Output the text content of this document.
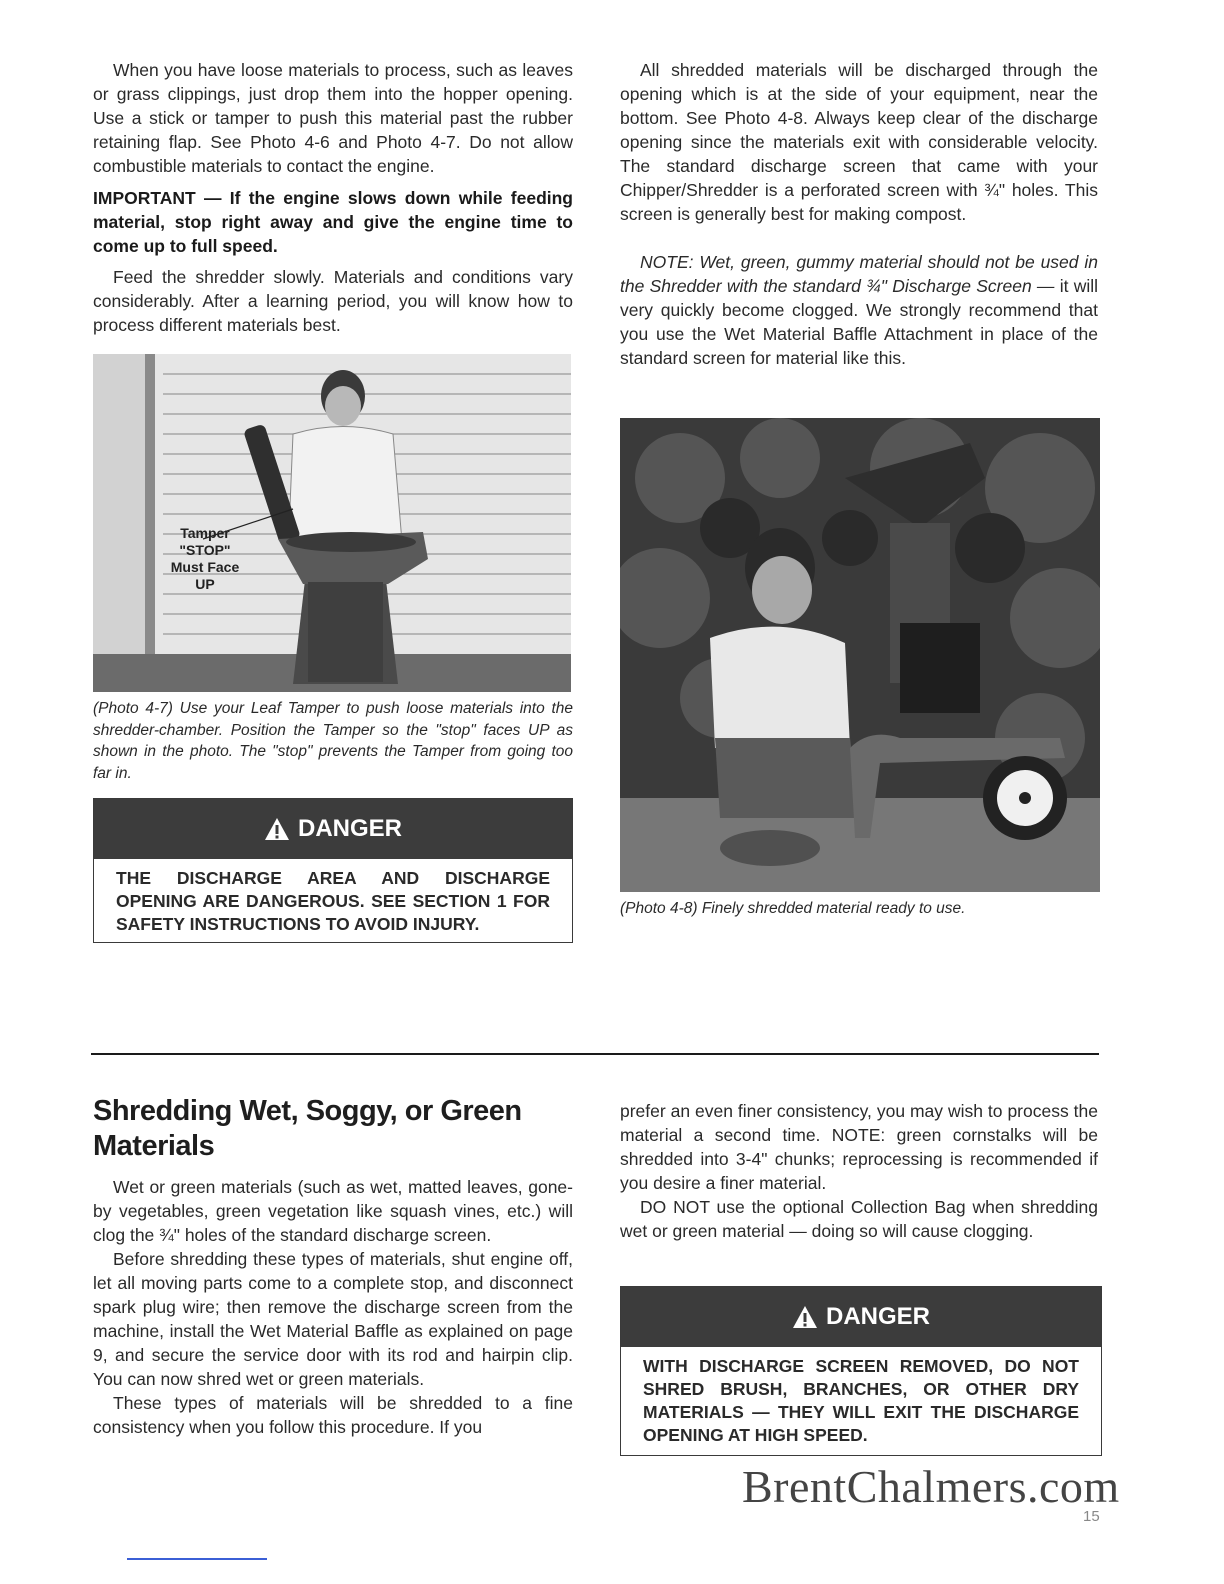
When you have loose materials to process, such as leaves or grass clippings, just drop them into the hopper opening. Use a stick or tamper to push this material past the rubber retaining flap. See Photo 4-6 and Photo 4-7. Do not allow combustible materials to contact the engine.

IMPORTANT — If the engine slows down while feeding material, stop right away and give the engine time to come up to full speed.

Feed the shredder slowly. Materials and conditions vary considerably. After a learning period, you will know how to process different materials best.

Tamper
"STOP"
Must Face
UP

(Photo 4-7) Use your Leaf Tamper to push loose materials into the shredder-chamber. Position the Tamper so the "stop" faces UP as shown in the photo. The "stop" prevents the Tamper from going too far in.

DANGER
THE DISCHARGE AREA AND DISCHARGE OPENING ARE DANGEROUS. SEE SECTION 1 FOR SAFETY INSTRUCTIONS TO AVOID INJURY.

All shredded materials will be discharged through the opening which is at the side of your equipment, near the bottom. See Photo 4-8. Always keep clear of the discharge opening since the materials exit with considerable velocity. The standard discharge screen that came with your Chipper/Shredder is a perforated screen with ¾" holes. This screen is generally best for making compost.

NOTE: Wet, green, gummy material should not be used in the Shredder with the standard ¾" Discharge Screen — it will very quickly become clogged. We strongly recommend that you use the Wet Material Baffle Attachment in place of the standard screen for material like this.

(Photo 4-8) Finely shredded material ready to use.

Shredding Wet, Soggy, or Green Materials

Wet or green materials (such as wet, matted leaves, gone-by vegetables, green vegetation like squash vines, etc.) will clog the ¾" holes of the standard discharge screen.

Before shredding these types of materials, shut engine off, let all moving parts come to a complete stop, and disconnect spark plug wire; then remove the discharge screen from the machine, install the Wet Material Baffle as explained on page 9, and secure the service door with its rod and hairpin clip. You can now shred wet or green materials.

These types of materials will be shredded to a fine consistency when you follow this procedure. If you

prefer an even finer consistency, you may wish to process the material a second time. NOTE: green cornstalks will be shredded into 3-4" chunks; reprocessing is recommended if you desire a finer material.

DO NOT use the optional Collection Bag when shredding wet or green material — doing so will cause clogging.

DANGER
WITH DISCHARGE SCREEN REMOVED, DO NOT SHRED BRUSH, BRANCHES, OR OTHER DRY MATERIALS — THEY WILL EXIT THE DISCHARGE OPENING AT HIGH SPEED.
BrentChalmers.com
15
